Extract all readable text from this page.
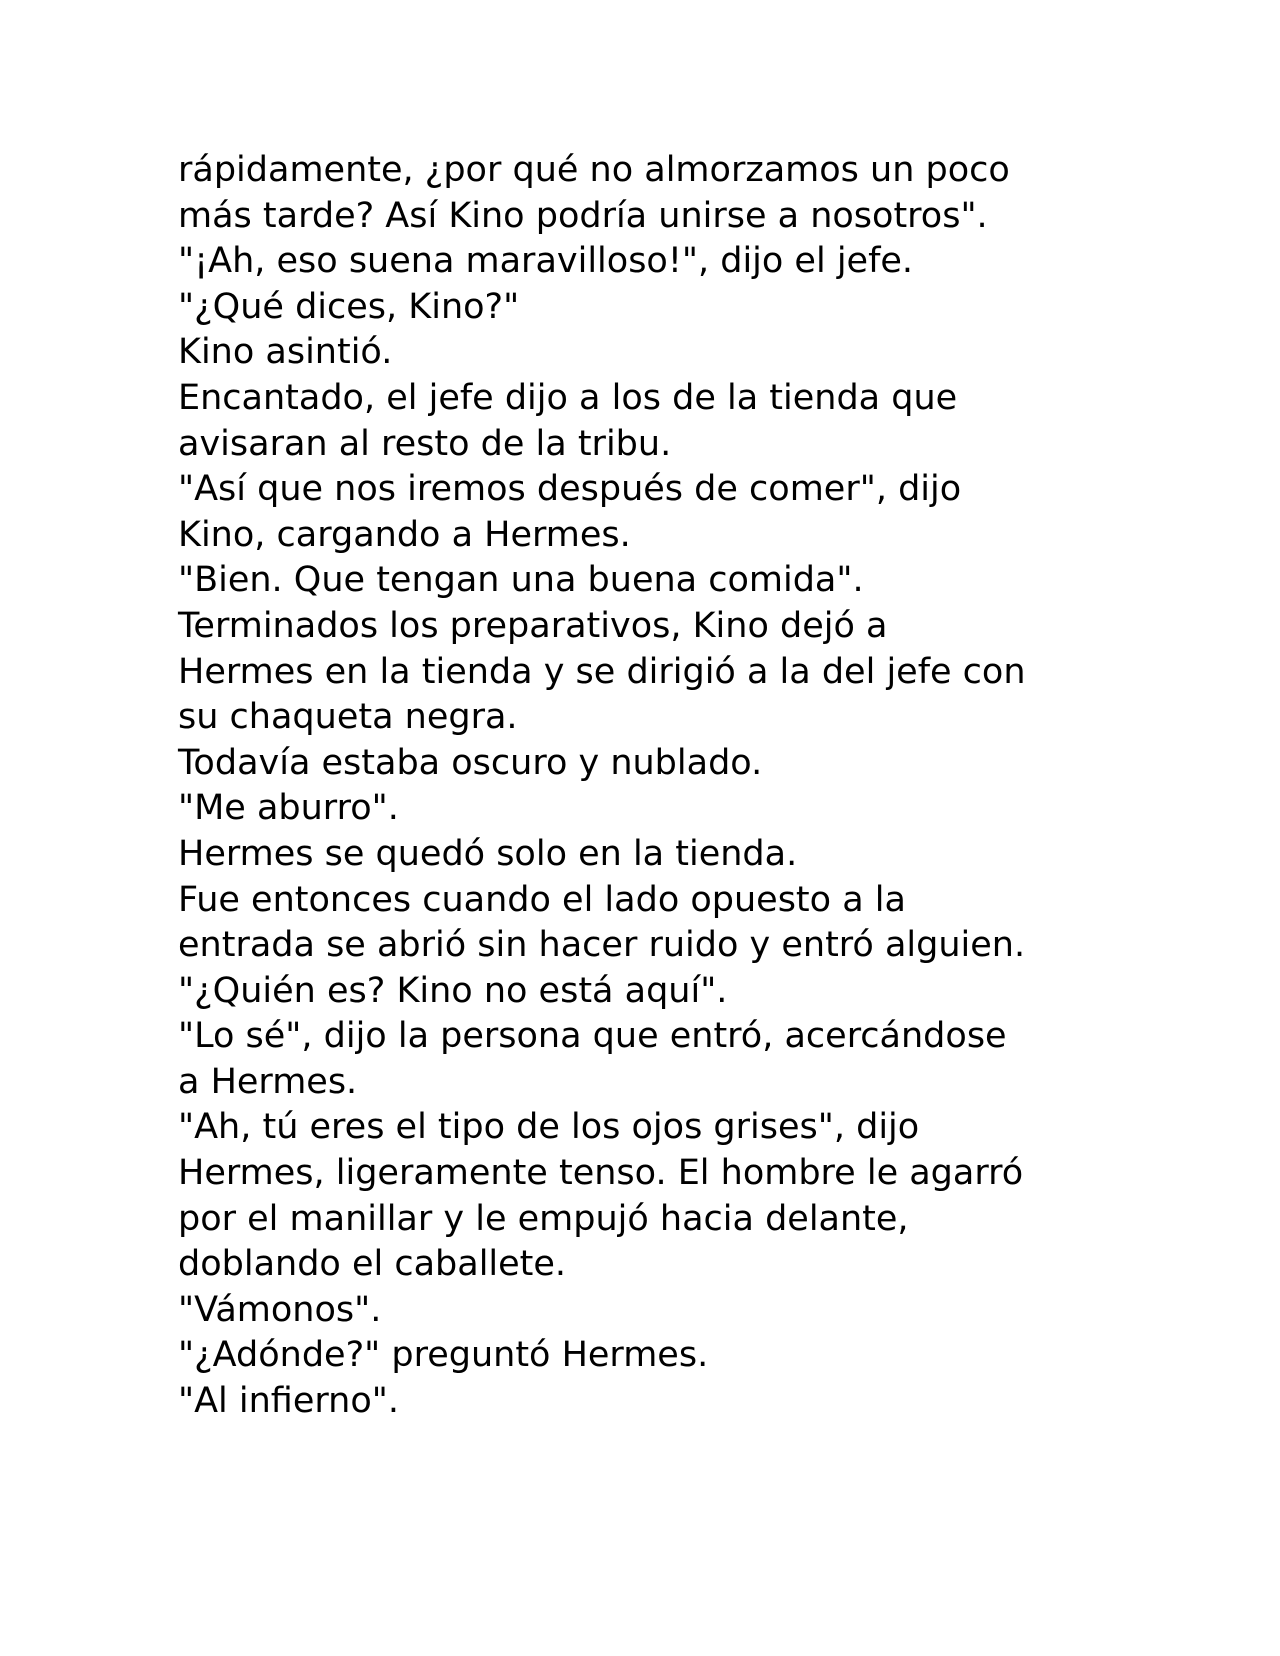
rápidamente, ¿por qué no almorzamos un poco

más tarde? Así Kino podría unirse a nosotros".

"¡Ah, eso suena maravilloso!", dijo el jefe.

"¿Qué dices, Kino?"

Kino asintió.

Encantado, el jefe dijo a los de la tienda que

avisaran al resto de la tribu.

"Así que nos iremos después de comer", dijo

Kino, cargando a Hermes.

"Bien. Que tengan una buena comida".

Terminados los preparativos, Kino dejó a

Hermes en la tienda y se dirigió a la del jefe con

su chaqueta negra.

Todavía estaba oscuro y nublado.

"Me aburro".

Hermes se quedó solo en la tienda.

Fue entonces cuando el lado opuesto a la

entrada se abrió sin hacer ruido y entró alguien.

"¿Quién es? Kino no está aquí".

"Lo sé", dijo la persona que entró, acercándose

a Hermes.

"Ah, tú eres el tipo de los ojos grises", dijo

Hermes, ligeramente tenso. El hombre le agarró

por el manillar y le empujó hacia delante,

doblando el caballete.

"Vámonos".

"¿Adónde?" preguntó Hermes.

"Al infierno".
